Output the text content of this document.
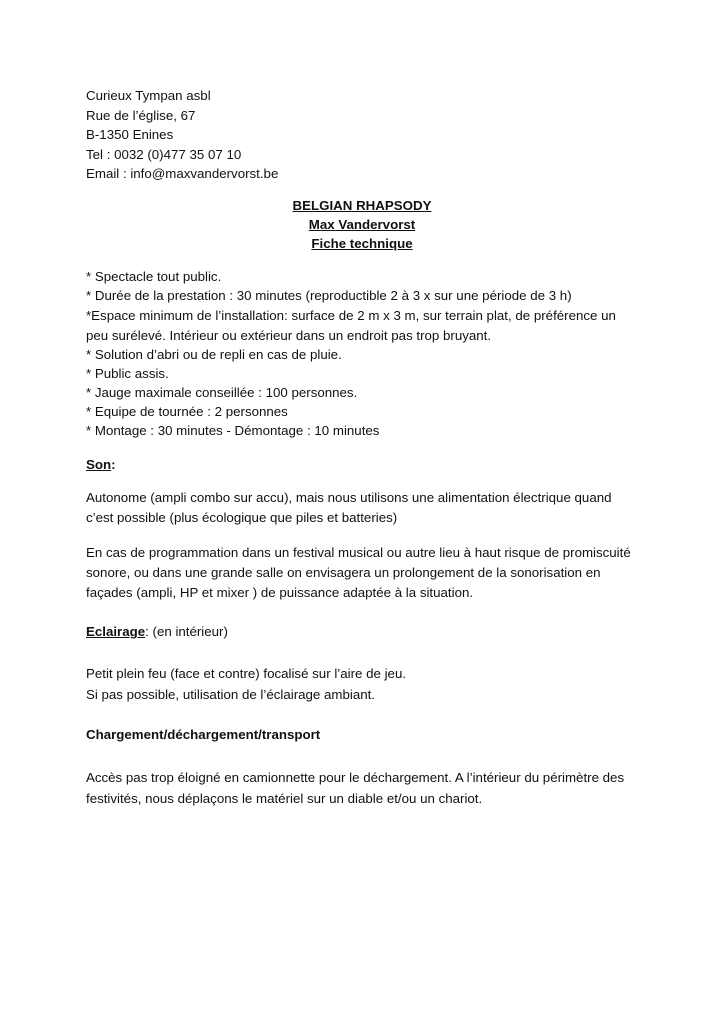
Curieux Tympan asbl
Rue de l’église, 67
B-1350 Enines
Tel : 0032 (0)477 35 07 10
Email : info@maxvandervorst.be
BELGIAN RHAPSODY
Max Vandervorst
Fiche technique
* Spectacle tout public.
* Durée de la prestation : 30 minutes (reproductible 2 à 3 x sur une période de 3 h)
*Espace minimum de l’installation: surface de 2 m x 3 m, sur terrain plat, de préférence un
peu surélevé. Intérieur ou extérieur dans un endroit pas trop bruyant.
* Solution d’abri ou de repli en cas de pluie.
* Public assis.
* Jauge maximale conseillée : 100 personnes.
* Equipe de tournée : 2 personnes
* Montage : 30 minutes - Démontage : 10 minutes
Son:
Autonome (ampli combo sur accu), mais nous utilisons une alimentation électrique quand
c’est possible (plus écologique que piles et batteries)
En cas de programmation dans un festival musical ou autre lieu à haut risque de promiscuité
sonore, ou dans une grande salle on envisagera un prolongement de la sonorisation en
façades (ampli, HP et mixer ) de puissance adaptée à la situation.
Eclairage: (en intérieur)
Petit plein feu (face et contre) focalisé sur l’aire de jeu.
Si pas possible, utilisation de l’éclairage ambiant.
Chargement/déchargement/transport
Accès pas trop éloigné en camionnette pour le déchargement. A l’intérieur du périmètre des
festivités, nous déplaçons le matériel sur un diable et/ou un chariot.
